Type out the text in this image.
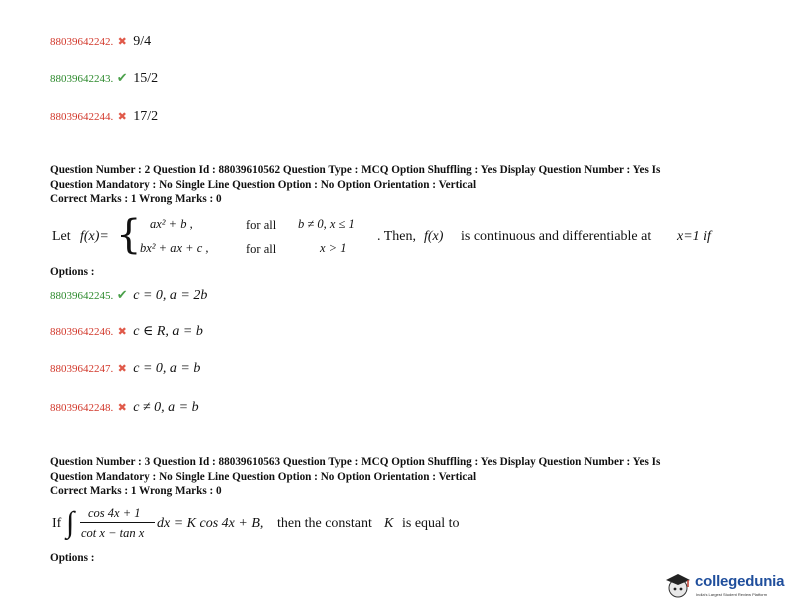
88039642242. ✖ 9/4
88039642243. ✔ 15/2
88039642244. ✖ 17/2
Question Number : 2 Question Id : 88039610562 Question Type : MCQ Option Shuffling : Yes Display Question Number : Yes Is
Question Mandatory : No Single Line Question Option : No Option Orientation : Vertical
Correct Marks : 1 Wrong Marks : 0
Let f(x)= { ax² + b ,	for all b ≠ 0, x ≤ 1
bx² + ax + c ,	for all	x > 1
. Then, f(x) is continuous and differentiable at x=1 if
Options :
88039642245. ✔ c = 0, a = 2b
88039642246. ✖ c ∈ R, a = b
88039642247. ✖ c = 0, a = b
88039642248. ✖ c ≠ 0, a = b
Question Number : 3 Question Id : 88039610563 Question Type : MCQ Option Shuffling : Yes Display Question Number : Yes Is
Question Mandatory : No Single Line Question Option : No Option Orientation : Vertical
Correct Marks : 1 Wrong Marks : 0
If ∫ cos 4x + 1
cot x − tan x
dx = K cos 4x + B, then the constant K is equal to
Options :
collegedunia
India's Largest Student Review Platform
